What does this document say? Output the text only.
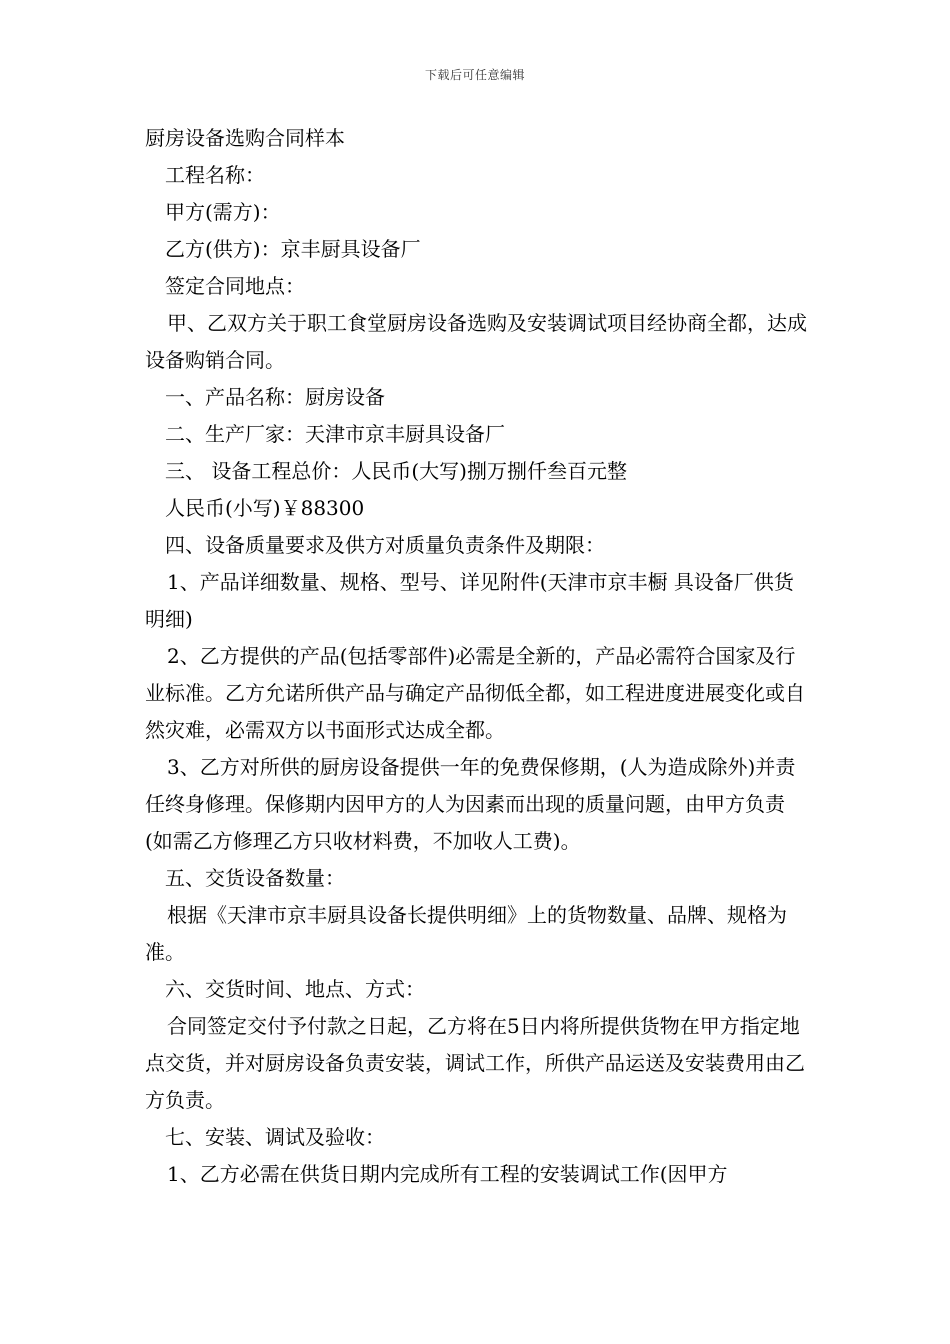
下载后可任意编辑

厨房设备选购合同样本

工程名称：

甲方(需方)：

乙方(供方)：京丰厨具设备厂

签定合同地点：

甲、乙双方关于职工食堂厨房设备选购及安装调试项目经协商全都，达成设备购销合同。

一、产品名称：厨房设备

二、生产厂家：天津市京丰厨具设备厂

三、 设备工程总价：人民币(大写)捌万捌仟叁百元整

人民币(小写)￥88300

四、设备质量要求及供方对质量负责条件及期限：

1、产品详细数量、规格、型号、详见附件(天津市京丰橱 具设备厂供货明细)

2、乙方提供的产品(包括零部件)必需是全新的，产品必需符合国家及行业标准。乙方允诺所供产品与确定产品彻低全都，如工程进度进展变化或自然灾难，必需双方以书面形式达成全都。

3、乙方对所供的厨房设备提供一年的免费保修期，(人为造成除外)并责任终身修理。保修期内因甲方的人为因素而出现的质量问题，由甲方负责(如需乙方修理乙方只收材料费，不加收人工费)。

五、交货设备数量：

根据《天津市京丰厨具设备长提供明细》上的货物数量、品牌、规格为准。

六、交货时间、地点、方式：

合同签定交付予付款之日起，乙方将在5日内将所提供货物在甲方指定地点交货，并对厨房设备负责安装，调试工作，所供产品运送及安装费用由乙方负责。

七、安装、调试及验收：

1、乙方必需在供货日期内完成所有工程的安装调试工作(因甲方
